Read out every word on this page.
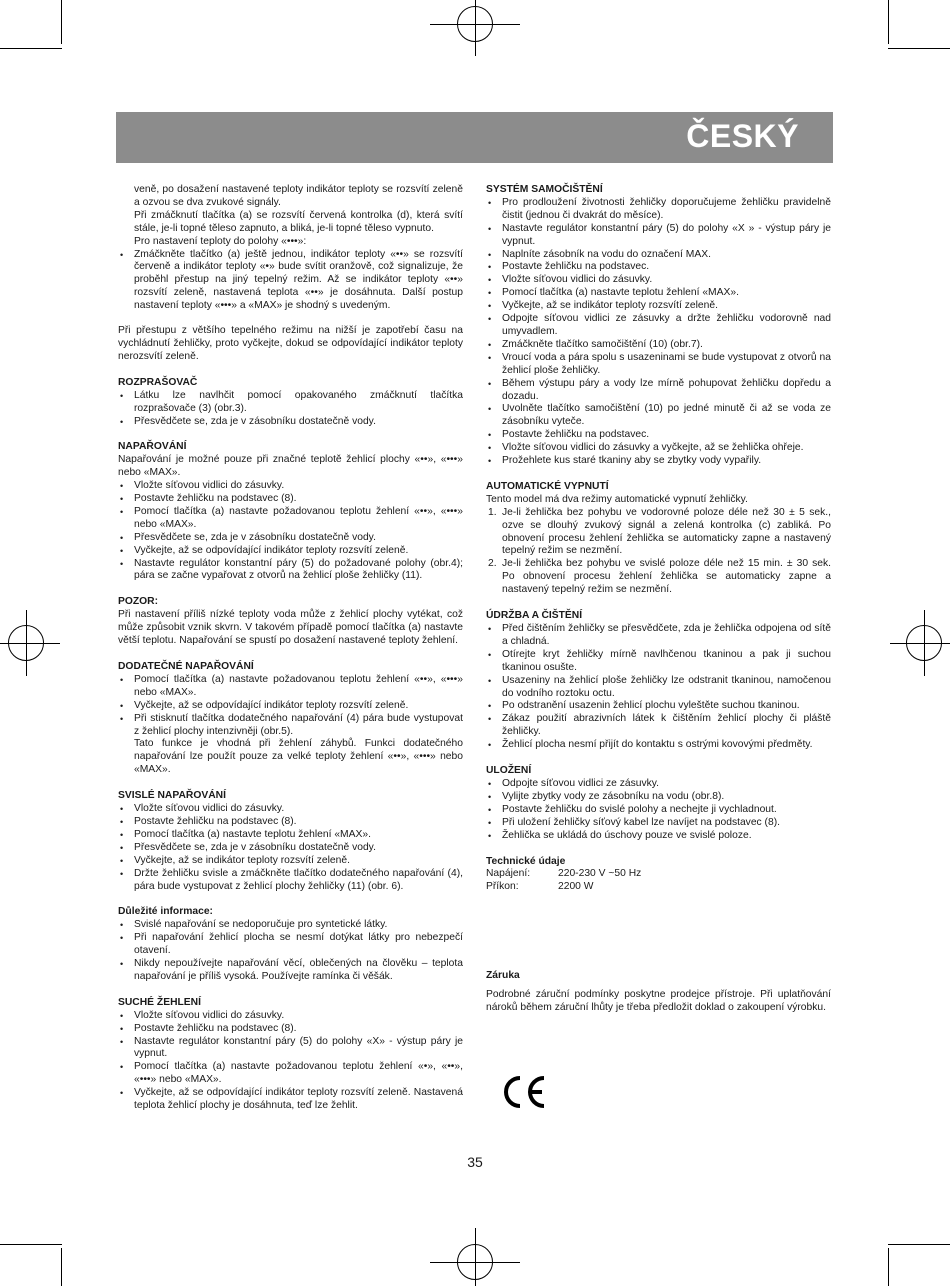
ČESKÝ

veně, po dosažení nastavené teploty indikátor teploty se rozsvítí zeleně a ozvou se dva zvukové signály.

Při zmáčknutí tlačítka (a) se rozsvítí červená kontrolka (d), která svítí stále, je-li topné těleso zapnuto, a bliká, je-li topné těleso vypnuto.

Pro nastavení teploty do polohy «•••»:

• Zmáčkněte tlačítko (a) ještě jednou, indikátor teploty «••» se rozsvítí červeně a indikátor teploty «•» bude svítit oranžově, což signalizuje, že proběhl přestup na jiný tepelný režim. Až se indikátor teploty «••» rozsvítí zeleně, nastavená teplota «••» je dosáhnuta. Další postup nastavení teploty «•••» a «MAX» je shodný s uvedeným.

Při přestupu z většího tepelného režimu na nižší je zapotřebí času na vychládnutí žehličky, proto vyčkejte, dokud se odpovídající indikátor teploty nerozsvítí zeleně.

ROZPRAŠOVAČ

• Látku lze navlhčit pomocí opakovaného zmáčknutí tlačítka rozprašovače (3) (obr.3).
• Přesvědčete se, zda je v zásobníku dostatečně vody.

NAPAŘOVÁNÍ

Napařování je možné pouze při značné teplotě žehlicí plochy «••», «•••» nebo «MAX».

• Vložte síťovou vidlici do zásuvky.
• Postavte žehličku na podstavec (8).
• Pomocí tlačítka (a) nastavte požadovanou teplotu žehlení «••», «•••» nebo «MAX».
• Přesvědčete se, zda je v zásobníku dostatečně vody.
• Vyčkejte, až se odpovídající indikátor teploty rozsvítí zeleně.
• Nastavte regulátor konstantní páry (5) do požadované polohy (obr.4); pára se začne vypařovat z otvorů na žehlicí ploše žehličky (11).

POZOR:

Při nastavení příliš nízké teploty voda může z žehlicí plochy vytékat, což může způsobit vznik skvrn. V takovém případě pomocí tlačítka (a) nastavte větší teplotu. Napařování se spustí po dosažení nastavené teploty žehlení.

DODATEČNÉ NAPAŘOVÁNÍ

• Pomocí tlačítka (a) nastavte požadovanou teplotu žehlení «••», «•••» nebo «MAX».
• Vyčkejte, až se odpovídající indikátor teploty rozsvítí zeleně.
• Při stisknutí tlačítka dodatečného napařování (4) pára bude vystupovat z žehlicí plochy intenzivněji (obr.5).

Tato funkce je vhodná při žehlení záhybů. Funkci dodatečného napařování lze použít pouze za velké teploty žehlení «••», «•••» nebo «MAX».

SVISLÉ NAPAŘOVÁNÍ

• Vložte síťovou vidlici do zásuvky.
• Postavte žehličku na podstavec (8).
• Pomocí tlačítka (a) nastavte teplotu žehlení «MAX».
• Přesvědčete se, zda je v zásobníku dostatečně vody.
• Vyčkejte, až se indikátor teploty rozsvítí zeleně.
• Držte žehličku svisle a zmáčkněte tlačítko dodatečného napařování (4), pára bude vystupovat z žehlicí plochy žehličky (11) (obr. 6).

Důležité informace:

• Svislé napařování se nedoporučuje pro syntetické látky.
• Při napařování žehlicí plocha se nesmí dotýkat látky pro nebezpečí otavení.
• Nikdy nepoužívejte napařování věcí, oblečených na člověku – teplota napařování je příliš vysoká. Používejte ramínka či věšák.

SUCHÉ ŽEHLENÍ

• Vložte síťovou vidlici do zásuvky.
• Postavte žehličku na podstavec (8).
• Nastavte regulátor konstantní páry (5) do polohy «X» - výstup páry je vypnut.
• Pomocí tlačítka (a) nastavte požadovanou teplotu žehlení «•», «••», «•••» nebo «MAX».
• Vyčkejte, až se odpovídající indikátor teploty rozsvítí zeleně. Nastavená teplota žehlicí plochy je dosáhnuta, teď lze žehlit.

SYSTÉM SAMOČIŠTĚNÍ

• Pro prodloužení životnosti žehličky doporučujeme žehličku pravidelně čistit (jednou či dvakrát do měsíce).
• Nastavte regulátor konstantní páry (5) do polohy «X » - výstup páry je vypnut.
• Naplníte zásobník na vodu do označení MAX.
• Postavte žehličku na podstavec.
• Vložte síťovou vidlici do zásuvky.
• Pomocí tlačítka (a) nastavte teplotu žehlení «MAX».
• Vyčkejte, až se indikátor teploty rozsvítí zeleně.
• Odpojte síťovou vidlici ze zásuvky a držte žehličku vodorovně nad umyvadlem.
• Zmáčkněte tlačítko samočištění (10) (obr.7).
• Vroucí voda a pára spolu s usazeninami se bude vystupovat z otvorů na žehlicí ploše žehličky.
• Během výstupu páry a vody lze mírně pohupovat žehličku dopředu a dozadu.
• Uvolněte tlačítko samočištění (10) po jedné minutě či až se voda ze zásobníku vyteče.
• Postavte žehličku na podstavec.
• Vložte síťovou vidlici do zásuvky a vyčkejte, až se žehlička ohřeje.
• Prožehlete kus staré tkaniny aby se zbytky vody vypařily.

AUTOMATICKÉ VYPNUTÍ

Tento model má dva režimy automatické vypnutí žehličky.

1. Je-li žehlička bez pohybu ve vodorovné poloze déle než 30 ± 5 sek., ozve se dlouhý zvukový signál a zelená kontrolka (c) zabliká. Po obnovení procesu žehlení žehlička se automaticky zapne a nastavený tepelný režim se nezmění.
2. Je-li žehlička bez pohybu ve svislé poloze déle než 15 min. ± 30 sek. Po obnovení procesu žehlení žehlička se automaticky zapne a nastavený tepelný režim se nezmění.

ÚDRŽBA A ČIŠTĚNÍ

• Před čištěním žehličky se přesvědčete, zda je žehlička odpojena od sítě a chladná.
• Otírejte kryt žehličky mírně navlhčenou tkaninou a pak ji suchou tkaninou osušte.
• Usazeniny na žehlicí ploše žehličky lze odstranit tkaninou, namočenou do vodního roztoku octu.
• Po odstranění usazenin žehlicí plochu vyleštěte suchou tkaninou.
• Zákaz použití abrazivních látek k čištěním žehlicí plochy či pláště žehličky.
• Žehlicí plocha nesmí přijít do kontaktu s ostrými kovovými předměty.

ULOŽENÍ

• Odpojte síťovou vidlici ze zásuvky.
• Vylijte zbytky vody ze zásobníku na vodu (obr.8).
• Postavte žehličku do svislé polohy a nechejte ji vychladnout.
• Při uložení žehličky síťový kabel lze navíjet na podstavec (8).
• Žehlička se ukládá do úschovy pouze ve svislé poloze.

Technické údaje

Napájení:	220-230 V ~50 Hz
Příkon:	2200 W

Záruka

Podrobné záruční podmínky poskytne prodejce přístroje. Při uplatňování nároků během záruční lhůty je třeba předložit doklad o zakoupení výrobku.

35
